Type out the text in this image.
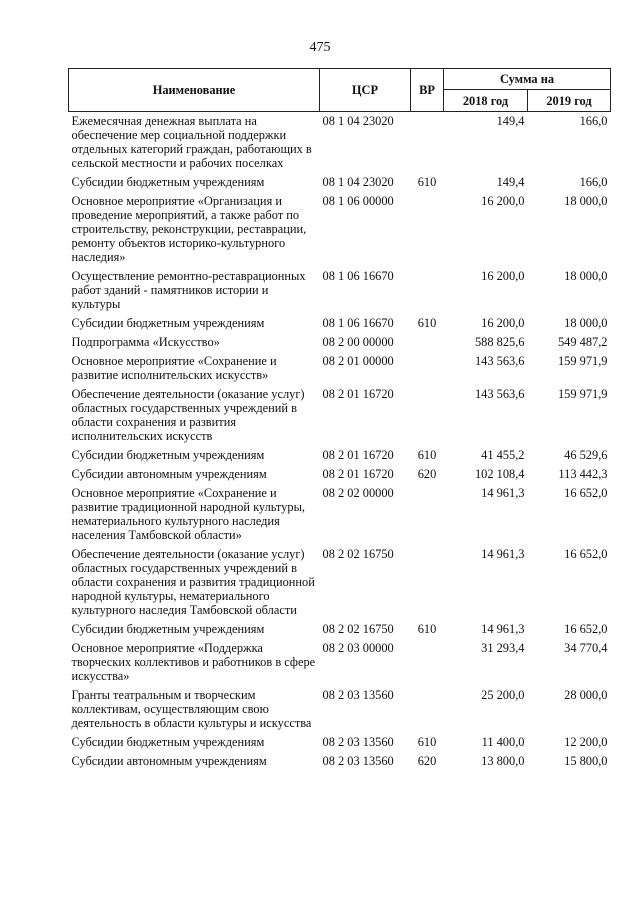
475
Наименование	ЦСР	ВР	Сумма на	
			2018 год	2019 год
Ежемесячная денежная выплата на обеспечение мер социальной поддержки отдельных категорий граждан, работающих в сельской местности и рабочих поселках	08 1 04 23020		149,4	166,0
Субсидии бюджетным учреждениям	08 1 04 23020	610	149,4	166,0
Основное мероприятие «Организация и проведение мероприятий, а также работ по строительству, реконструкции, реставрации, ремонту объектов историко-культурного наследия»	08 1 06 00000		16 200,0	18 000,0
Осуществление ремонтно-реставрационных работ зданий - памятников истории и культуры	08 1 06 16670		16 200,0	18 000,0
Субсидии бюджетным учреждениям	08 1 06 16670	610	16 200,0	18 000,0
Подпрограмма «Искусство»	08 2 00 00000		588 825,6	549 487,2
Основное мероприятие «Сохранение и развитие исполнительских искусств»	08 2 01 00000		143 563,6	159 971,9
Обеспечение деятельности (оказание услуг) областных государственных учреждений в области сохранения и развития исполнительских искусств	08 2 01 16720		143 563,6	159 971,9
Субсидии бюджетным учреждениям	08 2 01 16720	610	41 455,2	46 529,6
Субсидии автономным учреждениям	08 2 01 16720	620	102 108,4	113 442,3
Основное мероприятие «Сохранение и развитие традиционной народной культуры, нематериального культурного наследия населения Тамбовской области»	08 2 02 00000		14 961,3	16 652,0
Обеспечение деятельности (оказание услуг) областных государственных учреждений в области сохранения и развития традиционной народной культуры, нематериального культурного наследия Тамбовской области	08 2 02 16750		14 961,3	16 652,0
Субсидии бюджетным учреждениям	08 2 02 16750	610	14 961,3	16 652,0
Основное мероприятие «Поддержка творческих коллективов и работников в сфере искусства»	08 2 03 00000		31 293,4	34 770,4
Гранты театральным и творческим коллективам, осуществляющим свою деятельность в области культуры и искусства	08 2 03 13560		25 200,0	28 000,0
Субсидии бюджетным учреждениям	08 2 03 13560	610	11 400,0	12 200,0
Субсидии автономным учреждениям	08 2 03 13560	620	13 800,0	15 800,0
